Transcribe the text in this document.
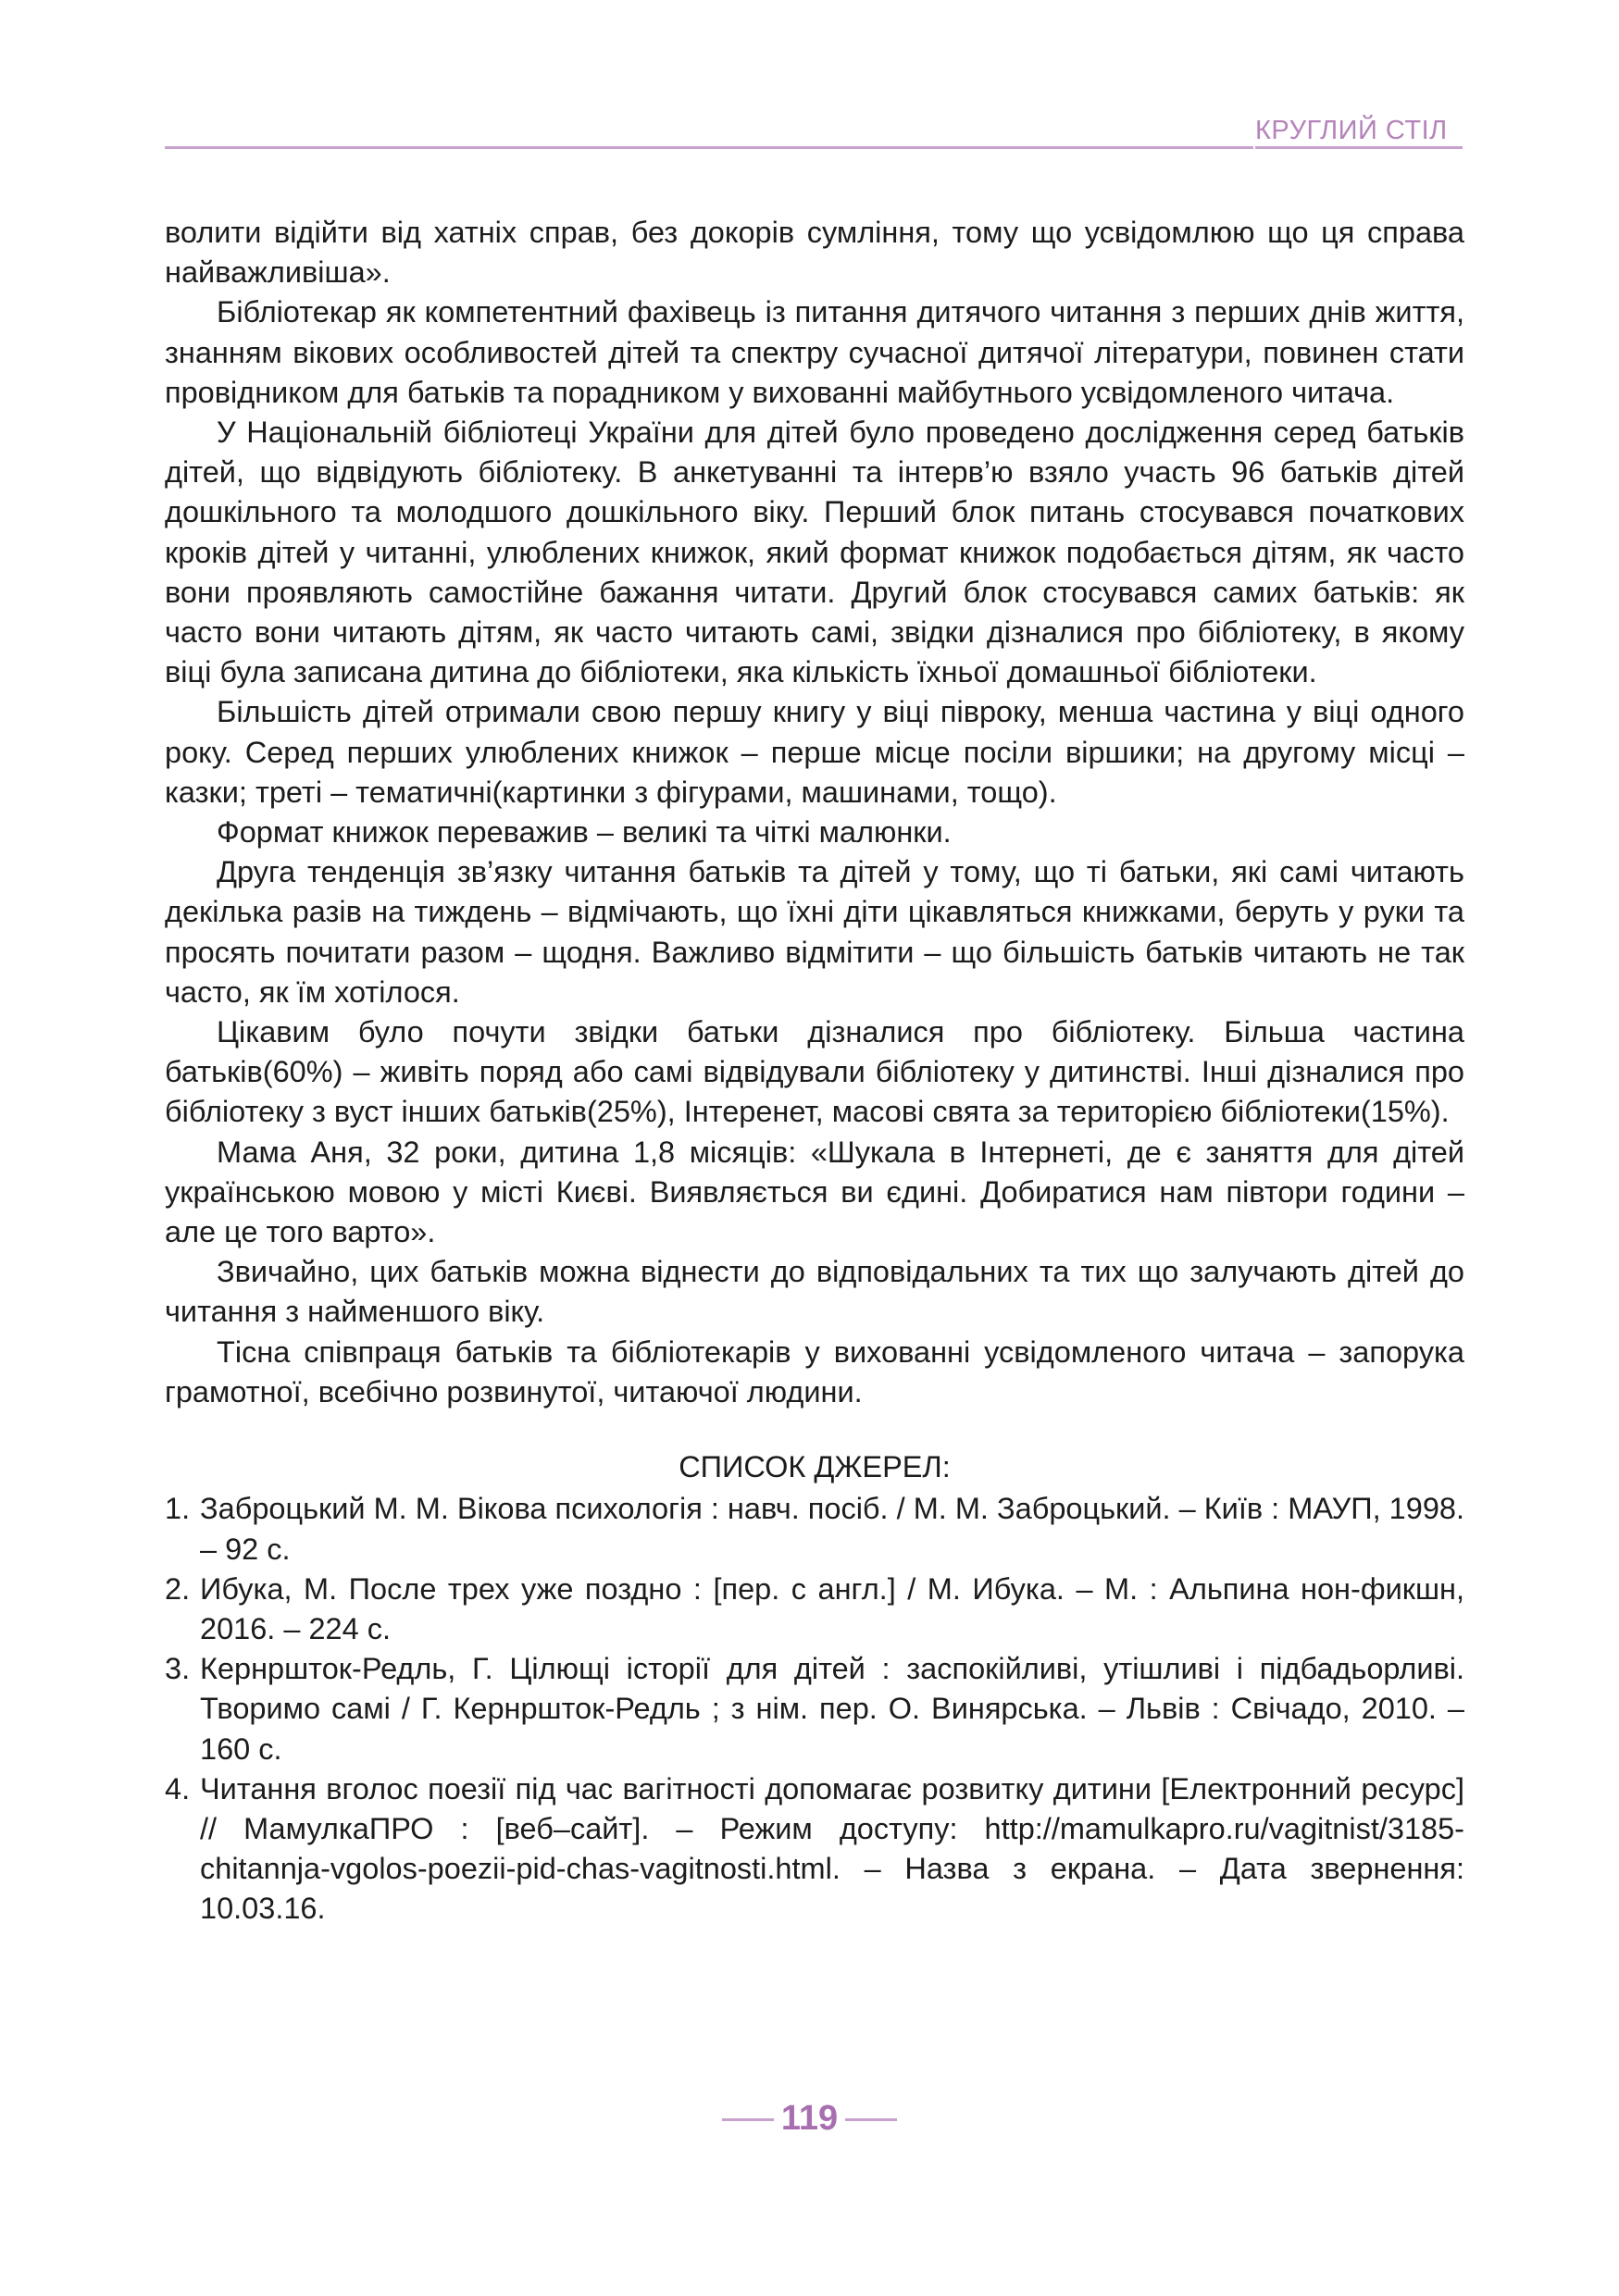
КРУГЛИЙ СТІЛ

волити відійти від хатніх справ, без докорів сумління, тому що усвідомлюю що ця справа найважливіша».

Бібліотекар як компетентний фахівець із питання дитячого читання з перших днів життя, знанням вікових особливостей дітей та спектру сучасної дитячої літератури, повинен стати провідником для батьків та порадником у вихованні майбутнього усвідомленого читача.

У Національній бібліотеці України для дітей було проведено дослідження серед батьків дітей, що відвідують бібліотеку. В анкетуванні та інтерв’ю взяло участь 96 батьків дітей дошкільного та молодшого дошкільного віку. Перший блок питань стосувався початкових кроків дітей у читанні, улюблених книжок, який формат книжок подобається дітям, як часто вони проявляють самостійне бажання читати. Другий блок стосувався самих батьків: як часто вони читають дітям, як часто читають самі, звідки дізналися про бібліотеку, в якому віці була записана дитина до бібліотеки, яка кількість їхньої домашньої бібліотеки.

Більшість дітей отримали свою першу книгу у віці півроку, менша частина у віці одного року. Серед перших улюблених книжок – перше місце посіли віршики; на другому місці – казки; треті – тематичні(картинки з фігурами, машинами, тощо).

Формат книжок переважив – великі та чіткі малюнки.

Друга тенденція зв’язку читання батьків та дітей у тому, що ті батьки, які самі читають декілька разів на тиждень – відмічають, що їхні діти цікавляться книжками, беруть у руки та просять почитати разом – щодня. Важливо відмітити – що більшість батьків читають не так часто, як їм хотілося.

Цікавим було почути звідки батьки дізналися про бібліотеку. Більша частина батьків(60%) – живіть поряд або самі відвідували бібліотеку у дитинстві. Інші дізналися про бібліотеку з вуст інших батьків(25%), Інтеренет, масові свята за територією бібліотеки(15%).

Мама Аня, 32 роки, дитина 1,8 місяців: «Шукала в Інтернеті, де є заняття для дітей українською мовою у місті Києві. Виявляється ви єдині. Добиратися нам півтори години – але це того варто».

Звичайно, цих батьків можна віднести до відповідальних та тих що залучають дітей до читання з найменшого віку.

Тісна співпраця батьків та бібліотекарів у вихованні усвідомленого читача – запорука грамотної, всебічно розвинутої, читаючої людини.

СПИСОК ДЖЕРЕЛ:
1. Заброцький М. М. Вікова психологія : навч. посіб. / М. М. Заброцький. – Київ : МАУП, 1998. – 92 с.
2. Ибука, М. После трех уже поздно : [пер. с англ.] / М. Ибука. – М. : Альпина нон-фикшн, 2016. – 224 с.
3. Кернршток-Редль, Г. Цілющі історії для дітей : заспокійливі, утішливі і підбадьорливі. Творимо самі / Г. Кернршток-Редль ; з нім. пер. О. Винярська. – Львів : Свічадо, 2010. – 160 с.
4. Читання вголос поезії під час вагітності допомагає розвитку дитини [Електронний ресурс] // МамулкаПРО : [веб–сайт]. – Режим доступу: http://mamulkapro.ru/vagitnist/3185-chitannja-vgolos-poezii-pid-chas-vagitnosti.html. – Назва з екрана. – Дата звернення: 10.03.16.
119
